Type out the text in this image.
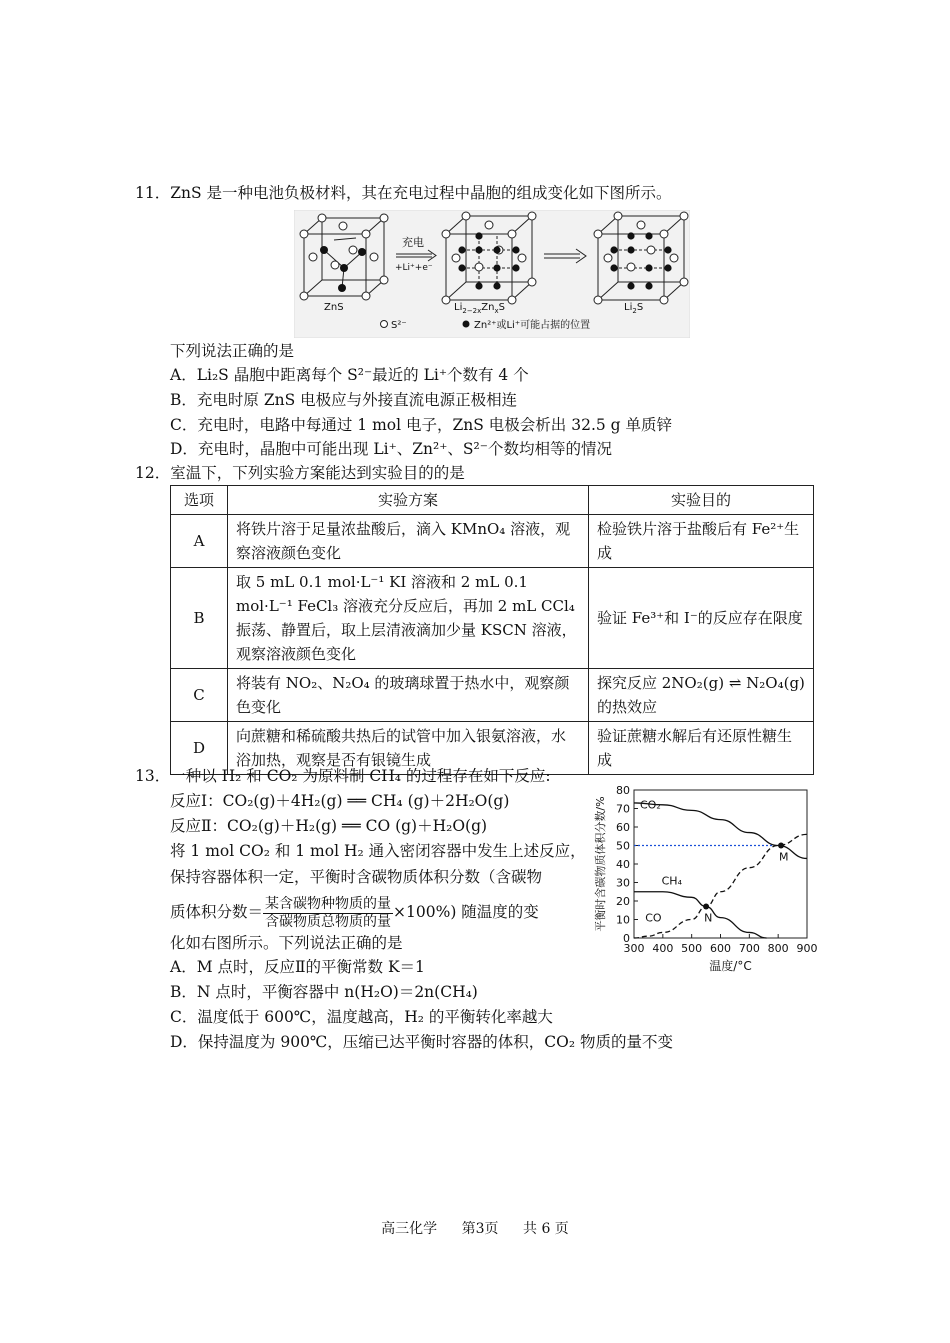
11．ZnS 是一种电池负极材料，其在充电过程中晶胞的组成变化如下图所示。
ZnS
充电
+Li⁺+e⁻
$Li_{2-2x}Zn_xS$	$Li_2S$
S²⁻	Zn²⁺或Li⁺可能占据的位置
下列说法正确的是
A．Li₂S 晶胞中距离每个 S²⁻最近的 Li⁺个数有 4 个
B．充电时原 ZnS 电极应与外接直流电源正极相连
C．充电时，电路中每通过 1 mol 电子，ZnS 电极会析出 32.5 g 单质锌
D．充电时，晶胞中可能出现 Li⁺、Zn²⁺、S²⁻个数均相等的情况
12．室温下，下列实验方案能达到实验目的的是
选项	实验方案	实验目的
A	将铁片溶于足量浓盐酸后，滴入 KMnO₄ 溶液，观察溶液颜色变化	检验铁片溶于盐酸后有 Fe²⁺生成
B	取 5 mL 0.1 mol·L⁻¹ KI 溶液和 2 mL 0.1 mol·L⁻¹ FeCl₃ 溶液充分反应后，再加 2 mL CCl₄ 振荡、静置后，取上层清液滴加少量 KSCN 溶液，观察溶液颜色变化	验证 Fe³⁺和 I⁻的反应存在限度
C	将装有 NO₂、N₂O₄ 的玻璃球置于热水中，观察颜色变化	探究反应 2NO₂(g) ⇌ N₂O₄(g)的热效应
D	向蔗糖和稀硫酸共热后的试管中加入银氨溶液，水浴加热，观察是否有银镜生成	验证蔗糖水解后有还原性糖生成
13．一种以 H₂ 和 CO₂ 为原料制 CH₄ 的过程存在如下反应:
反应Ⅰ：CO₂(g)＋4H₂(g) ══ CH₄ (g)＋2H₂O(g)
反应Ⅱ：CO₂(g)＋H₂(g) ══ CO (g)＋H₂O(g)
将 1 mol CO₂ 和 1 mol H₂ 通入密闭容器中发生上述反应，
保持容器体积一定，平衡时含碳物质体积分数（含碳物
质体积分数＝ $\frac{\text{某含碳物种物质的量}}{\text{含碳物质总物质的量}} \times 100\%$) 随温度的变
化如右图所示。下列说法正确的是
A．M 点时，反应Ⅱ的平衡常数 K＝1
B．N 点时，平衡容器中 n(H₂O)＝2n(CH₄)
C．温度低于 600℃，温度越高，H₂ 的平衡转化率越大
D．保持温度为 900℃，压缩已达平衡时容器的体积，CO₂ 物质的量不变
0
10
20
30
40
50
60
70
80
300 400 500 600 700 800 900
温度/°C
平衡时含碳物质体积分数/%	CO₂
CH₄
CO
M
N
高三化学 第3页 共 6 页
